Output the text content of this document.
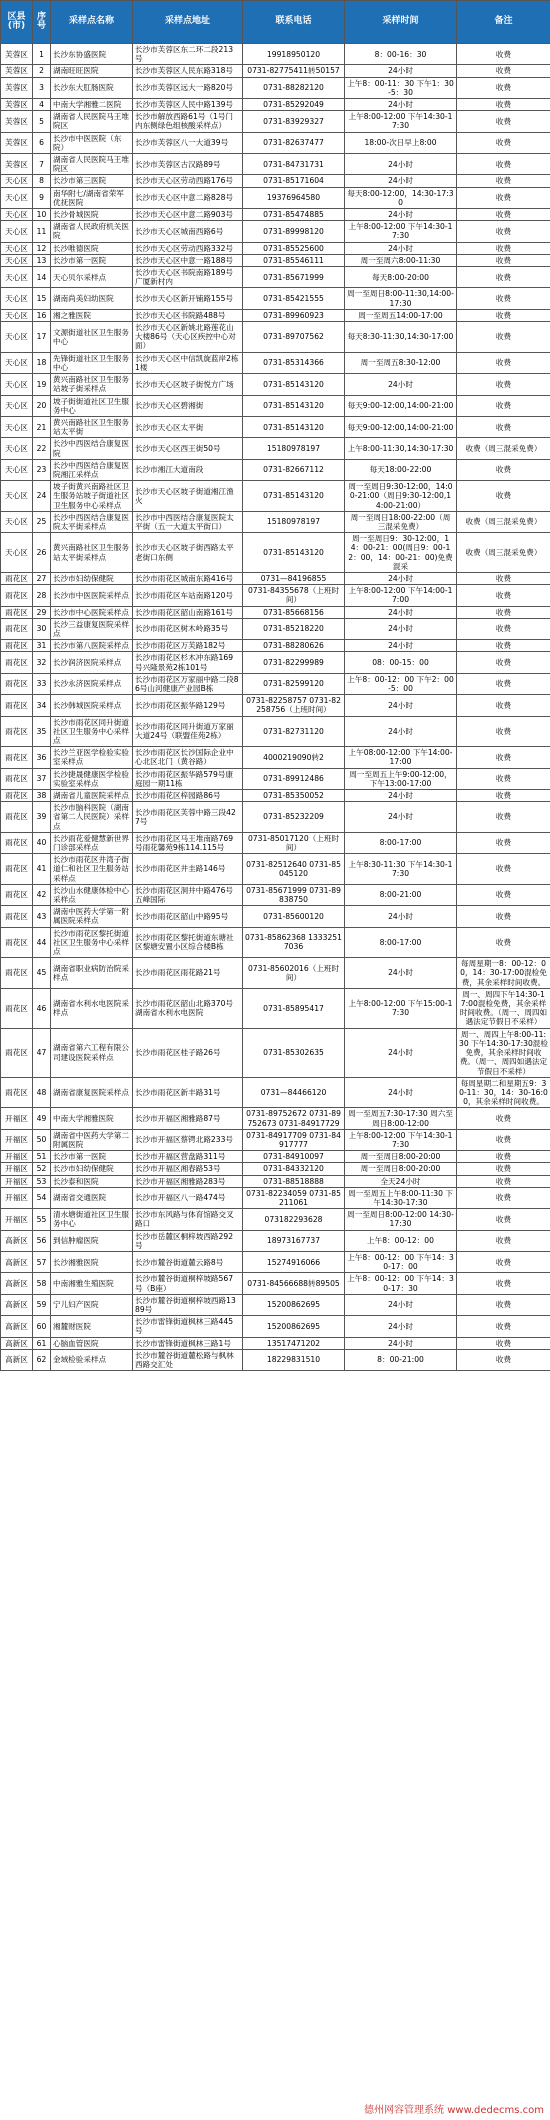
区县(市)	序号	采样点名称	采样点地址	联系电话	采样时间	备注
芙蓉区	1	长沙东协盛医院	长沙市芙蓉区东二环二段213号	19918950120	8：00-16：30	收费
芙蓉区	2	湖南旺旺医院	长沙市芙蓉区人民东路318号	0731-82775411转50157	24小时	收费
芙蓉区	3	长沙东大肛肠医院	长沙市芙蓉区远大一路820号	0731-88282120	上午8：00-11：30 下午1：30-5：30	收费
芙蓉区	4	中南大学湘雅二医院	长沙市芙蓉区人民中路139号	0731-85292049	24小时	收费
芙蓉区	5	湖南省人民医院马王堆院区	长沙市解放西路61号（1号门内东侧绿色组核酸采样点）	0731-83929327	上午8:00-12:00 下午14:30-17:30	收费
芙蓉区	6	长沙市中医医院（东院）	长沙市芙蓉区八一大道39号	0731-82637477	18:00-次日早上8:00	收费
芙蓉区	7	湖南省人民医院马王堆院区	长沙市芙蓉区古汉路89号	0731-84731731	24小时	收费
天心区	8	长沙市第三医院	长沙市天心区劳动西路176号	0731-85171604	24小时	收费
天心区	9	南华附七/湖南省荣军优抚医院	长沙市天心区中意二路828号	19376964580	每天8:00-12:00，14:30-17:30	收费
天心区	10	长沙骨城医院	长沙市天心区中意二路903号	0731-85474885	24小时	收费
天心区	11	湖南省人民政府机关医院	长沙市天心区城南西路6号	0731-89998120	上午8:00-12:00 下午14:30-17:30	收费
天心区	12	长沙唯德医院	长沙市天心区劳动西路332号	0731-85525600	24小时	收费
天心区	13	长沙市第一医院	长沙市天心区中意一路188号	0731-85546111	周一至周六8:00-11:30	收费
天心区	14	天心贝尔采样点	长沙市天心区书院南路189号广厦新村内	0731-85671999	每天8:00-20:00	收费
天心区	15	湖南尚美妇幼医院	长沙市天心区新开铺路155号	0731-85421555	周一至周日8:00-11:30,14:00-17:30	收费
天心区	16	湘之雅医院	长沙市天心区书院路488号	0731-89960923	周一至周五14:00-17:00	收费
天心区	17	文源街道社区卫生服务中心	长沙市天心区新姚北路莲花山大楼86号（天心区疾控中心对面）	0731-89707562	每天8:30-11:30,14:30-17:00	收费
天心区	18	先锋街道社区卫生服务中心	长沙市天心区中信凯旋蓝岸2栋1楼	0731-85314366	周一至周五8:30-12:00	收费
天心区	19	黄兴南路社区卫生服务站坡子街采样点	长沙市天心区坡子街悦方广场	0731-85143120	24小时	收费
天心区	20	坡子街街道社区卫生服务中心	长沙市天心区碧湘街	0731-85143120	每天9:00-12:00,14:00-21:00	收费
天心区	21	黄兴南路社区卫生服务站太平街	长沙市天心区太平街	0731-85143120	每天9:00-12:00,14:00-21:00	收费
天心区	22	长沙中西医结合康复医院	长沙市天心区西王街50号	15180978197	上午8:00-11:30,14:30-17:30	收费（周三混采免费）
天心区	23	长沙中西医结合康复医院湘江采样点	长沙市湘江大道南段	0731-82667112	每天18:00-22:00	收费
天心区	24	坡子街黄兴南路社区卫生服务站坡子街道社区卫生服务中心采样点	长沙市天心区坡子街道湘江渔火	0731-85143120	周一至周日9:30-12:00，14:00-21:00（周日9:30-12:00,14:00-21:00）	收费
天心区	25	长沙中西医结合康复医院太平街采样点	长沙市中西医结合康复医院太平街（五一大道太平街口）	15180978197	周一至周日18:00-22:00（周三混采免费）	收费（周三混采免费）
天心区	26	黄兴南路社区卫生服务站太平街采样点	长沙市天心区坡子街西路太平老街口东侧	0731-85143120	周一至周日9：30-12:00，14：00-21：00(周日9：00-12：00，14：00-21：00)免费混采	收费（周三混采免费）
雨花区	27	长沙市妇幼保健院	长沙市雨花区城南东路416号	0731—84196855	24小时	收费
雨花区	28	长沙市中医医院采样点	长沙市雨花区车站南路120号	0731-84355678（上班时间）	上午8:00-12:00 下午14:00-17:00	收费
雨花区	29	长沙市中心医院采样点	长沙市雨花区韶山南路161号	0731-85668156	24小时	收费
雨花区	30	长沙三益康复医院采样点	长沙市雨花区树木岭路35号	0731-85218220	24小时	收费
雨花区	31	长沙市第八医院采样点	长沙市雨花区万芙路182号	0731-88280626	24小时	收费
雨花区	32	长沙润济医院采样点	长沙市雨花区杉木冲东路169号兴隆景苑2栋101号	0731-82299989	08：00-15：00	收费
雨花区	33	长沙永济医院采样点	长沙市雨花区万家丽中路二段86号山河健康产业园B栋	0731-82599120	上午8：00-12：00 下午2：00-5：00	收费
雨花区	34	长沙韩城医院采样点	长沙市雨花区振华路129号	0731-82258757 0731-82258756（上班时间）	24小时	收费
雨花区	35	长沙市雨花区同升街道社区卫生服务中心采样点	长沙市雨花区同升街道万家丽大道24号（联盟佳苑2栋）	0731-82731120	24小时	收费
雨花区	36	长沙兰亚医学检验实验室采样点	长沙市雨花区长沙国际企业中心北区北门（黄谷路）	4000219090转2	上午08:00-12:00 下午14:00-17:00	收费
雨花区	37	长沙捷晟健康医学检验实验室采样点	长沙市雨花区振华路579号康庭园一期11栋	0731-89912486	周一至周五上午9:00-12:00，下午13:00-17:00	收费
雨花区	38	湖南省儿童医院采样点	长沙市雨花区梓园路86号	0731-85350052	24小时	收费
雨花区	39	长沙市脑科医院（湖南省第二人民医院）采样点	长沙市雨花区芙蓉中路三段427号	0731-85232209	24小时	收费
雨花区	40	长沙雨花爱健慧新世界门诊部采样点	长沙市雨花区马王堆南路769号雨花馨苑9栋114.115号	0731-85017120（上班时间）	8:00-17:00	收费
雨花区	41	长沙市雨花区井湾子街道仁和社区卫生服务站采样点	长沙市雨花区井圭路146号	0731-82512640 0731-85045120	上午8:30-11:30 下午14:30-17:30	收费
雨花区	42	长沙山水健康体检中心采样点	长沙市雨花区洞井中路476号五峰国际	0731-85671999 0731-89838750	8:00-21:00	收费
雨花区	43	湖南中医药大学第一附属医院采样点	长沙市雨花区韶山中路95号	0731-85600120	24小时	收费
雨花区	44	长沙市雨花区黎托街道社区卫生服务中心采样点	长沙市雨花区黎托街道东塘社区黎塘安置小区综合楼B栋	0731-85862368 13332517036	8:00-17:00	收费
雨花区	45	湖南省职业病防治院采样点	长沙市雨花区雨花路21号	0731-85602016（上班时间）	24小时	每周星期一8：00-12：00，14：30-17:00混检免费，其余采样时间收费。
雨花区	46	湖南省水利水电医院采样点	长沙市雨花区韶山北路370号湖南省水利水电医院	0731-85895417	上午8:00-12:00 下午15:00-17:30	周一、周四下午14:30-17:00混检免费，其余采样时间收费。（周一、周四如遇法定节假日不采样）
雨花区	47	湖南省第六工程有限公司建设医院采样点	长沙市雨花区桂子路26号	0731-85302635	24小时	周一、周四上午8:00-11:30 下午14:30-17:30混检免费，其余采样时间收费。（周一、周四如遇法定节假日不采样）
雨花区	48	湖南省康复医院采样点	长沙市雨花区新丰路31号	0731—84466120	24小时	每周星期二和星期五9：30-11：30，14：30-16:00，其余采样时间收费。
开福区	49	中南大学湘雅医院	长沙市开福区湘雅路87号	0731-89752672 0731-89752673 0731-84917729	周一至周五7:30-17:30 周六至周日8:00-12:00	收费
开福区	50	湖南省中医药大学第二附属医院	长沙市开福区蔡锷北路233号	0731-84917709 0731-84917777	上午8:00-12:00 下午14:30-17:30	收费
开福区	51	长沙市第一医院	长沙市开福区营盘路311号	0731-84910097	周一至周日8:00-20:00	收费
开福区	52	长沙市妇幼保健院	长沙市开福区湘春路53号	0731-84332120	周一至周日8:00-20:00	收费
开福区	53	长沙泰和医院	长沙市开福区湘雅路283号	0731-88518888	全天24小时	收费
开福区	54	湖南省交通医院	长沙市开福区八一路474号	0731-82234059 0731-85211061	周一至周五上午8:00-11:30 下午14:30-17:30	收费
开福区	55	清水塘街道社区卫生服务中心	长沙市东风路与体育馆路交叉路口	073182293628	周一至周日8:00-12:00 14:30-17:30	收费
高新区	56	到信肿瘤医院	长沙市岳麓区桐梓坡西路292号	18973167737	上午8：00-12：00	收费
高新区	57	长沙湘雅医院	长沙市麓谷街道麓云路8号	15274916066	上午8：00-12：00 下午14：30-17：00	收费
高新区	58	中南湘雅生殖医院	长沙市麓谷街道桐梓坡路567号（B座）	0731-84566688转89505	上午8：00-12：00 下午14：30-17：30	收费
高新区	59	宁儿妇产医院	长沙市麓谷街道桐梓坡西路1389号	15200862695	24小时	收费
高新区	60	湘麓财医院	长沙市雷锋街道枫林三路445号	15200862695	24小时	收费
高新区	61	心脑血管医院	长沙市雷锋街道枫林三路1号	13517471202	24小时	收费
高新区	62	金域检验采样点	长沙市麓谷街道麓松路与枫林西路交汇处	18229831510	8：00-21:00	收费
德州网容管理系统 www.dedecms.com
